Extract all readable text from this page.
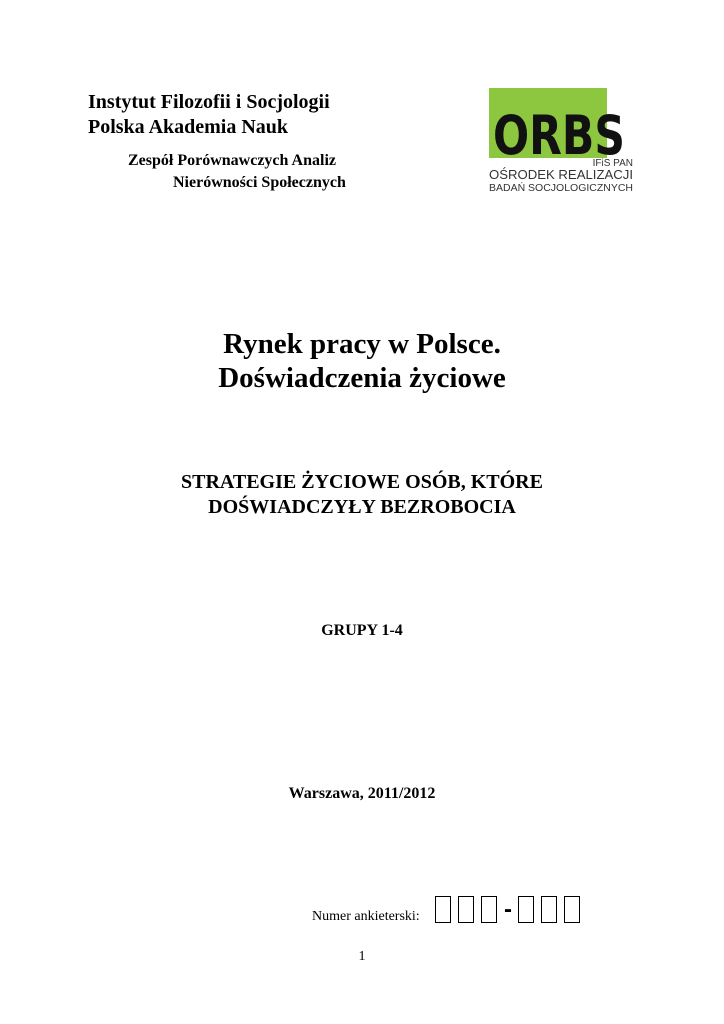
Instytut Filozofii i Socjologii
Polska Akademia Nauk
Zespół Porównawczych Analiz
Nierówności Społecznych
ORBS
IFiS PAN
OŚRODEK REALIZACJI
BADAŃ SOCJOLOGICZNYCH
Rynek pracy w Polsce.
Doświadczenia życiowe
STRATEGIE ŻYCIOWE OSÓB, KTÓRE
DOŚWIADCZYŁY BEZROBOCIA
GRUPY 1-4
Warszawa, 2011/2012
Numer ankieterski:	-
1
